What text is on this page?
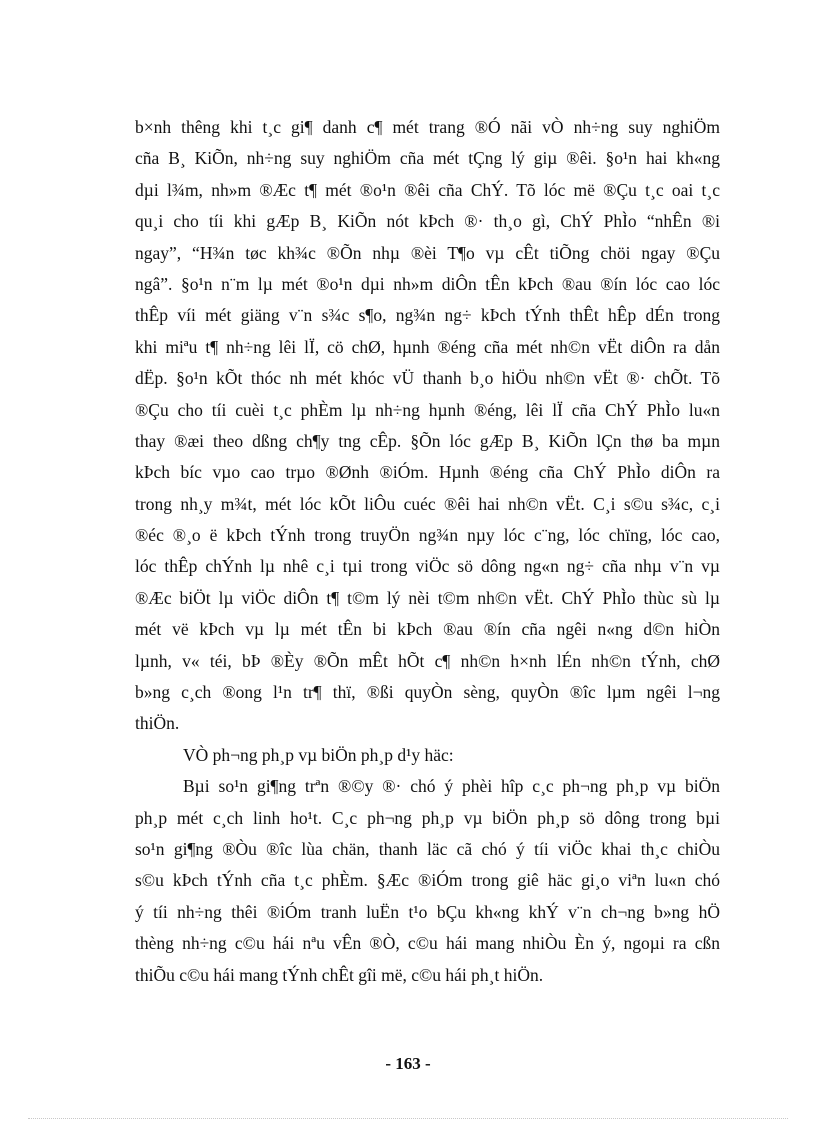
b×nh thêng khi t¸c gi¶ danh c¶ mét trang ®Ó nãi vÒ nh÷ng suy nghiÖm
cña B¸ KiÕn, nh÷ng suy nghiÖm cña mét tÇng lý giµ ®êi. §o¹n hai kh«ng
dµi l¾m, nh»m ®Æc t¶ mét ®o¹n ®êi cña ChÝ. Tõ lóc më ®Çu t¸c oai t¸c
qu¸i cho tíi khi gÆp B¸ KiÕn nót kÞch ®· th¸o gì, ChÝ PhÌo “nhÊn ®i
ngay”, “H¾n tøc kh¾c ®Õn nhµ ®èi T¶o vµ cÊt tiÕng chöi ngay ®Çu
ngâ”. §o¹n n¨m lµ mét ®o¹n dµi nh»m diÔn tÊn kÞch ®au ®ín lóc cao lóc
thÊp víi mét giäng v¨n s¾c s¶o, ng¾n ng÷ kÞch tÝnh thÊt hÊp dÉn trong
khi miªu t¶ nh÷ng lêi lÏ, cö chØ, hµnh ®éng cña mét nh©n vËt diÔn ra dån
dËp. §o¹n kÕt thóc nh mét khóc vÜ thanh b¸o hiÖu nh©n vËt ®· chÕt. Tõ
®Çu cho tíi cuèi t¸c phÈm lµ nh÷ng hµnh ®éng, lêi lÏ cña ChÝ PhÌo lu«n
thay ®æi theo dßng ch¶y tng cÊp. §Õn lóc gÆp B¸ KiÕn lÇn thø ba mµn
kÞch bíc vµo cao trµo ®Ønh ®iÓm. Hµnh ®éng cña ChÝ PhÌo diÔn ra
trong nh¸y m¾t, mét lóc kÕt liÔu cuéc ®êi hai nh©n vËt. C¸i s©u s¾c, c¸i
®éc ®¸o ë kÞch tÝnh trong truyÖn ng¾n nµy lóc c¨ng, lóc chïng, lóc cao,
lóc thÊp chÝnh lµ nhê c¸i tµi trong viÖc sö dông ng«n ng÷ cña nhµ v¨n vµ
®Æc biÖt lµ viÖc diÔn t¶ t©m lý nèi t©m nh©n vËt. ChÝ PhÌo thùc sù lµ
mét vë kÞch vµ lµ mét tÊn bi kÞch ®au ®ín cña ngêi n«ng d©n hiÒn
lµnh, v« téi, bÞ ®Èy ®Õn mÊt hÕt c¶ nh©n h×nh lÉn nh©n tÝnh, chØ
b»ng c¸ch ®ong l¹n tr¶ thï, ®ßi quyÒn sèng, quyÒn ®îc lµm ngêi l¬ng
thiÖn.
VÒ ph¬ng ph¸p vµ biÖn ph¸p d¹y häc:
Bµi so¹n gi¶ng trªn ®©y ®· chó ý phèi hîp c¸c ph¬ng ph¸p vµ biÖn
ph¸p mét c¸ch linh ho¹t. C¸c ph¬ng ph¸p vµ biÖn ph¸p sö dông trong bµi
so¹n gi¶ng ®Òu ®îc lùa chän, thanh läc cã chó ý tíi viÖc khai th¸c chiÒu
s©u kÞch tÝnh cña t¸c phÈm. §Æc ®iÓm trong giê häc gi¸o viªn lu«n chó
ý tíi nh÷ng thêi ®iÓm tranh luËn t¹o bÇu kh«ng khÝ v¨n ch¬ng b»ng hÖ
thèng nh÷ng c©u hái nªu vÊn ®Ò, c©u hái mang nhiÒu Èn ý, ngoµi ra cßn
thiÕu c©u hái mang tÝnh chÊt gîi më, c©u hái ph¸t hiÖn.
- 163 -
